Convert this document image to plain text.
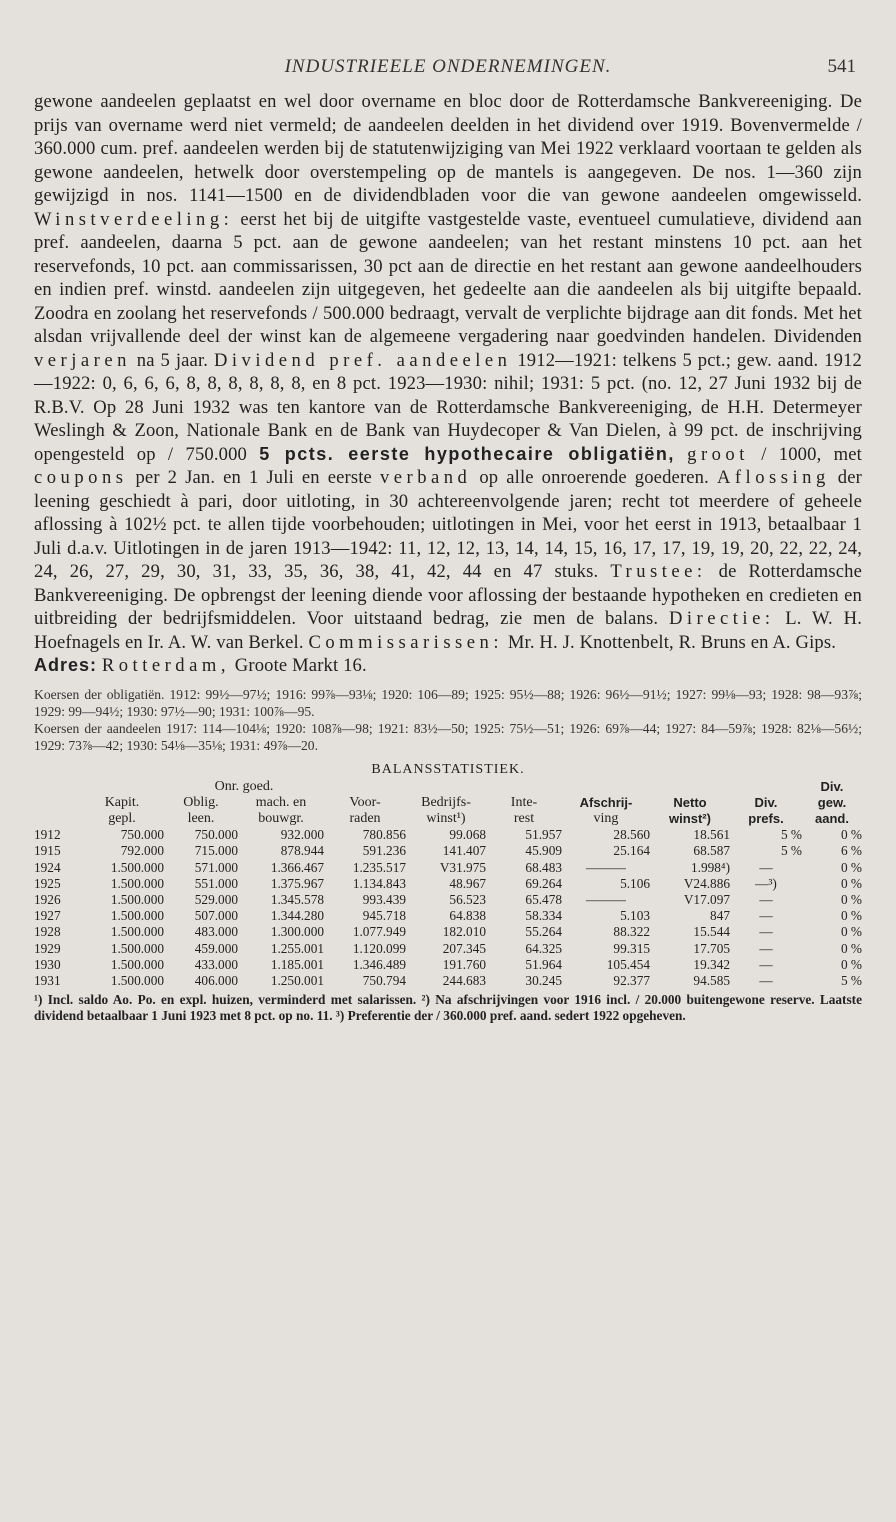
INDUSTRIEELE ONDERNEMINGEN.	541

gewone aandeelen geplaatst en wel door overname en bloc door de Rotterdamsche Bankvereeniging. De prijs van overname werd niet vermeld; de aandeelen deelden in het dividend over 1919. Bovenvermelde / 360.000 cum. pref. aandeelen werden bij de statutenwijziging van Mei 1922 verklaard voortaan te gelden als gewone aandeelen, hetwelk door overstempeling op de mantels is aangegeven. De nos. 1—360 zijn gewijzigd in nos. 1141—1500 en de dividendbladen voor die van gewone aandeelen omgewisseld. Winstverdeeling: eerst het bij de uitgifte vastgestelde vaste, eventueel cumulatieve, dividend aan pref. aandeelen, daarna 5 pct. aan de gewone aandeelen; van het restant minstens 10 pct. aan het reservefonds, 10 pct. aan commissarissen, 30 pct aan de directie en het restant aan gewone aandeelhouders en indien pref. winstd. aandeelen zijn uitgegeven, het gedeelte aan die aandeelen als bij uitgifte bepaald. Zoodra en zoolang het reservefonds / 500.000 bedraagt, vervalt de verplichte bijdrage aan dit fonds. Met het alsdan vrijvallende deel der winst kan de algemeene vergadering naar goedvinden handelen. Dividenden verjaren na 5 jaar. Dividend pref. aandeelen 1912—1921: telkens 5 pct.; gew. aand. 1912—1922: 0, 6, 6, 6, 8, 8, 8, 8, 8, 8, en 8 pct. 1923—1930: nihil; 1931: 5 pct. (no. 12, 27 Juni 1932 bij de R.B.V. Op 28 Juni 1932 was ten kantore van de Rotterdamsche Bankvereeniging, de H.H. Determeyer Weslingh & Zoon, Nationale Bank en de Bank van Huydecoper & Van Dielen, à 99 pct. de inschrijving opengesteld op / 750.000 5 pcts. eerste hypothecaire obligatiën, groot / 1000, met coupons per 2 Jan. en 1 Juli en eerste verband op alle onroerende goederen. Aflossing der leening geschiedt à pari, door uitloting, in 30 achtereenvolgende jaren; recht tot meerdere of geheele aflossing à 102½ pct. te allen tijde voorbehouden; uitlotingen in Mei, voor het eerst in 1913, betaalbaar 1 Juli d.a.v. Uitlotingen in de jaren 1913—1942: 11, 12, 12, 13, 14, 14, 15, 16, 17, 17, 19, 19, 20, 22, 22, 24, 24, 26, 27, 29, 30, 31, 33, 35, 36, 38, 41, 42, 44 en 47 stuks. Trustee: de Rotterdamsche Bankvereeniging. De opbrengst der leening diende voor aflossing der bestaande hypotheken en credieten en uitbreiding der bedrijfsmiddelen. Voor uitstaand bedrag, zie men de balans. Directie: L. W. H. Hoefnagels en Ir. A. W. van Berkel. Commissarissen: Mr. H. J. Knottenbelt, R. Bruns en A. Gips.

Adres: Rotterdam, Groote Markt 16.

Koersen der obligatiën. 1912: 99½—97½; 1916: 99⅞—93⅛; 1920: 106—89; 1925: 95½—88; 1926: 96½—91½; 1927: 99⅛—93; 1928: 98—93⅞; 1929: 99—94½; 1930: 97½—90; 1931: 100⅞—95.

Koersen der aandeelen 1917: 114—104⅛; 1920: 108⅞—98; 1921: 83½—50; 1925: 75½—51; 1926: 69⅞—44; 1927: 84—59⅞; 1928: 82⅛—56½; 1929: 73⅞—42; 1930: 54⅛—35⅛; 1931: 49⅞—20.

BALANSSTATISTIEK.
		Onr. goed.								Div.
	Kapit.	Oblig.	mach. en	Voor-	Bedrijfs-	Inte-	Afschrij-	Netto	Div.	gew.
	gepl.	leen.	bouwgr.	raden	winst¹)	rest	ving	winst²)	prefs.	aand.
1912	750.000	750.000	932.000	780.856	99.068	51.957	28.560	18.561	5 %	0 %
1915	792.000	715.000	878.944	591.236	141.407	45.909	25.164	68.587	5 %	6 %
1924	1.500.000	571.000	1.366.467	1.235.517	V31.975	68.483	———	1.998⁴)	—	0 %
1925	1.500.000	551.000	1.375.967	1.134.843	48.967	69.264	5.106	V24.886	—³)	0 %
1926	1.500.000	529.000	1.345.578	993.439	56.523	65.478	———	V17.097	—	0 %
1927	1.500.000	507.000	1.344.280	945.718	64.838	58.334	5.103	847	—	0 %
1928	1.500.000	483.000	1.300.000	1.077.949	182.010	55.264	88.322	15.544	—	0 %
1929	1.500.000	459.000	1.255.001	1.120.099	207.345	64.325	99.315	17.705	—	0 %
1930	1.500.000	433.000	1.185.001	1.346.489	191.760	51.964	105.454	19.342	—	0 %
1931	1.500.000	406.000	1.250.001	750.794	244.683	30.245	92.377	94.585	—	5 %

¹) Incl. saldo Ao. Po. en expl. huizen, verminderd met salarissen. ²) Na afschrijvingen voor 1916 incl. / 20.000 buitengewone reserve. Laatste dividend betaalbaar 1 Juni 1923 met 8 pct. op no. 11. ³) Preferentie der / 360.000 pref. aand. sedert 1922 opgeheven.
